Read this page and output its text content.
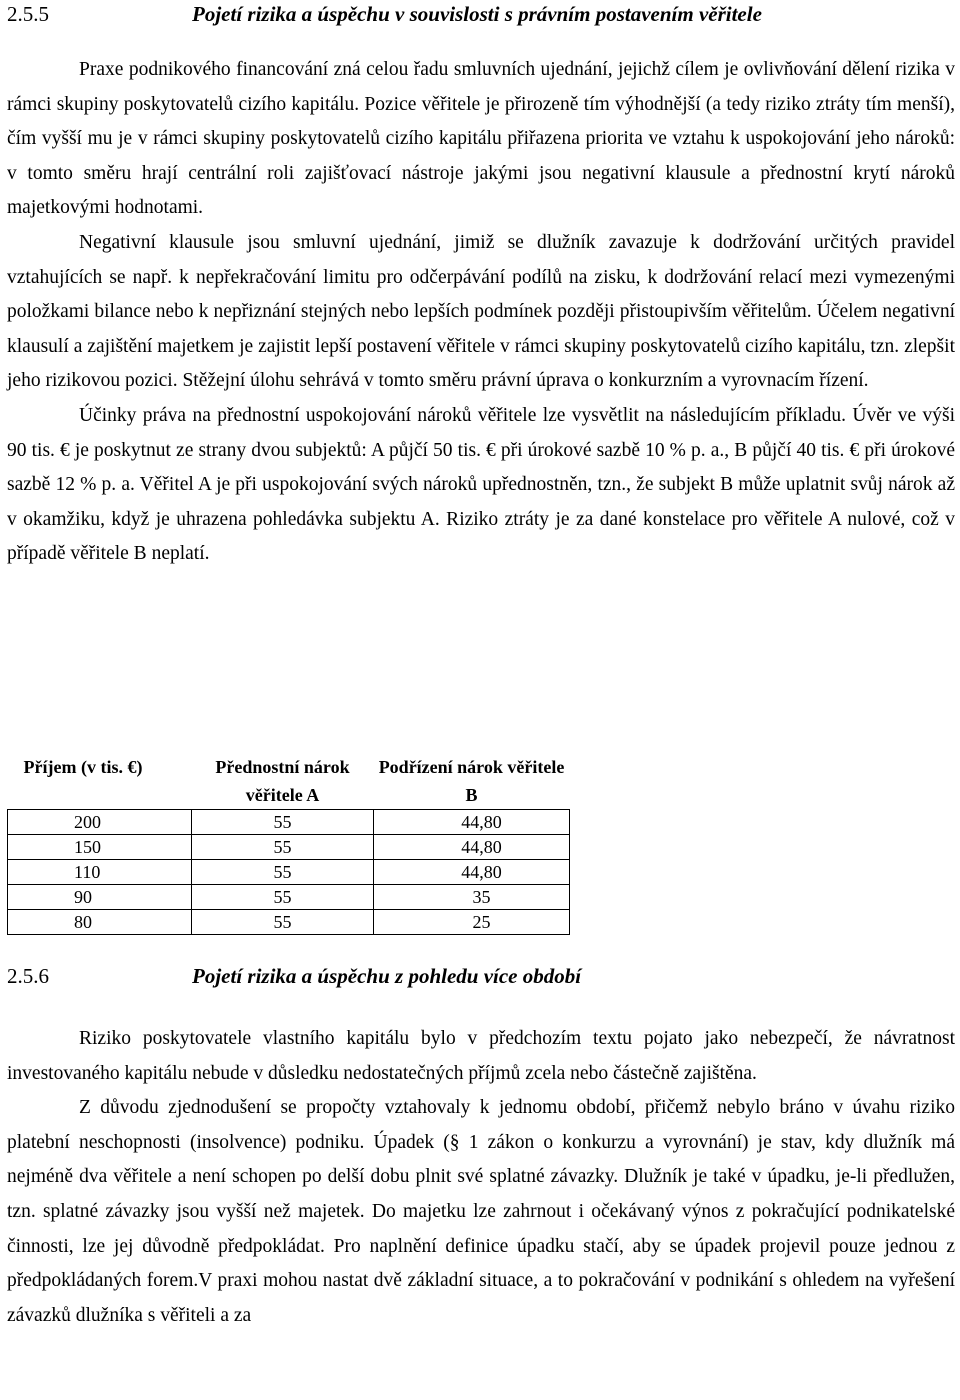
2.5.5	Pojetí rizika a úspěchu v souvislosti s právním postavením věřitele

Praxe podnikového financování zná celou řadu smluvních ujednání, jejichž cílem je ovlivňování dělení rizika v rámci skupiny poskytovatelů cizího kapitálu. Pozice věřitele je přirozeně tím výhodnější (a tedy riziko ztráty tím menší), čím vyšší mu je v rámci skupiny poskytovatelů cizího kapitálu přiřazena priorita ve vztahu k uspokojování jeho nároků: v tomto směru hrají centrální roli zajišťovací nástroje jakými jsou negativní klausule a přednostní krytí nároků majetkovými hodnotami.

Negativní klausule jsou smluvní ujednání, jimiž se dlužník zavazuje k dodržování určitých pravidel vztahujících se např. k nepřekračování limitu pro odčerpávání podílů na zisku, k dodržování relací mezi vymezenými položkami bilance nebo k nepřiznání stejných nebo lepších podmínek později přistoupivším věřitelům. Účelem negativní klausulí a zajištění majetkem je zajistit lepší postavení věřitele v rámci skupiny poskytovatelů cizího kapitálu, tzn. zlepšit jeho rizikovou pozici. Stěžejní úlohu sehrává v tomto směru právní úprava o konkurzním a vyrovnacím řízení.

Účinky práva na přednostní uspokojování nároků věřitele lze vysvětlit na následujícím příkladu. Úvěr ve výši 90 tis. € je poskytnut ze strany dvou subjektů: A půjčí 50 tis. € při úrokové sazbě 10 % p. a., B půjčí 40 tis. € při úrokové sazbě 12 % p. a. Věřitel A je při uspokojování svých nároků upřednostněn, tzn., že subjekt B může uplatnit svůj nárok až v okamžiku, když je uhrazena pohledávka subjektu A. Riziko ztráty je za dané konstelace pro věřitele A nulové, což v případě věřitele B neplatí.

Příjem (v tis. €)	Přednostní nárok věřitele A	Podřízení nárok věřitele B
200	55	44,80
150	55	44,80
110	55	44,80
90	55	35
80	55	25
2.5.6	Pojetí rizika a úspěchu z pohledu více období

Riziko poskytovatele vlastního kapitálu bylo v předchozím textu pojato jako nebezpečí, že návratnost investovaného kapitálu nebude v důsledku nedostatečných příjmů zcela nebo částečně zajištěna.

Z důvodu zjednodušení se propočty vztahovaly k jednomu období, přičemž nebylo bráno v úvahu riziko platební neschopnosti (insolvence) podniku. Úpadek (§ 1 zákon o konkurzu a vyrovnání) je stav, kdy dlužník má nejméně dva věřitele a není schopen po delší dobu plnit své splatné závazky. Dlužník je také v úpadku, je-li předlužen, tzn. splatné závazky jsou vyšší než majetek. Do majetku lze zahrnout i očekávaný výnos z pokračující podnikatelské činnosti, lze jej důvodně předpokládat. Pro naplnění definice úpadku stačí, aby se úpadek projevil pouze jednou z předpokládaných forem.V praxi mohou nastat dvě základní situace, a to pokračování v podnikání s ohledem na vyřešení závazků dlužníka s věřiteli a za
